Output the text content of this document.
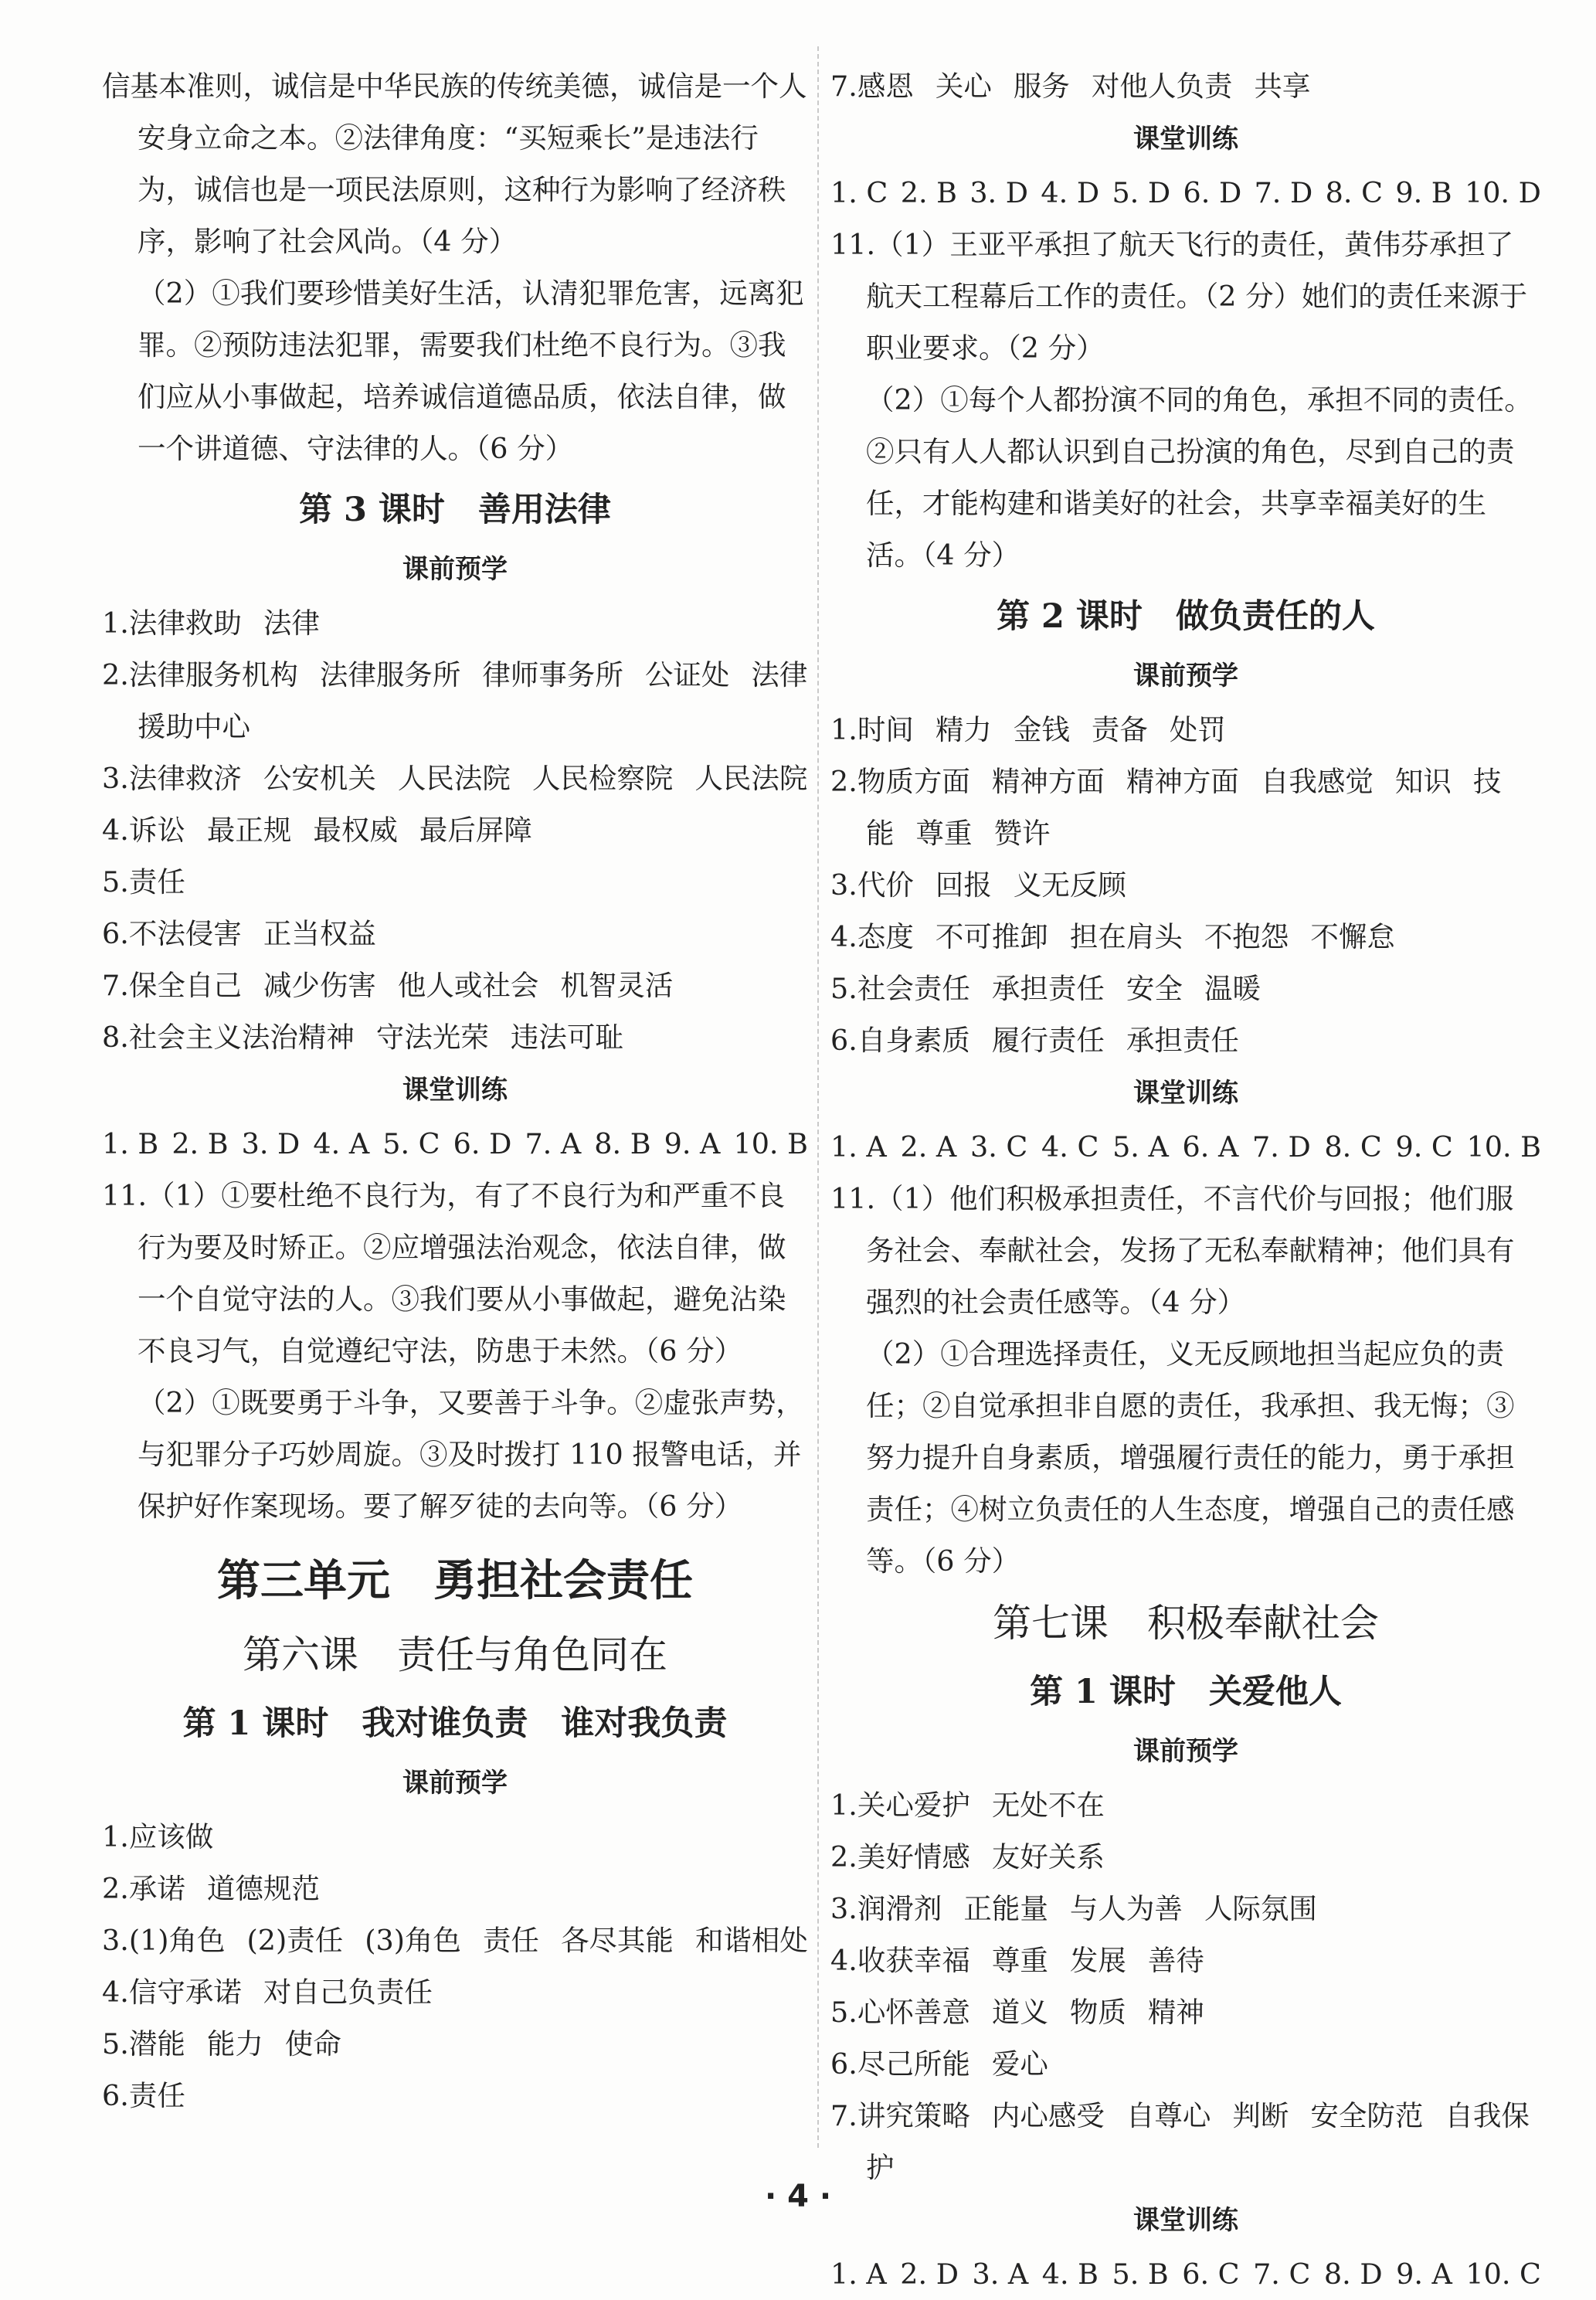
信基本准则，诚信是中华民族的传统美德，诚信是一个人安身立命之本。②法律角度：“买短乘长”是违法行为，诚信也是一项民法原则，这种行为影响了经济秩序，影响了社会风尚。（4 分）

（2）①我们要珍惜美好生活，认清犯罪危害，远离犯罪。②预防违法犯罪，需要我们杜绝不良行为。③我们应从小事做起，培养诚信道德品质，依法自律，做一个讲道德、守法律的人。（6 分）

第 3 课时　善用法律
课前预学

1.法律救助 法律

2.法律服务机构 法律服务所 律师事务所 公证处 法律援助中心

3.法律救济 公安机关 人民法院 人民检察院 人民法院

4.诉讼 最正规 最权威 最后屏障

5.责任

6.不法侵害 正当权益

7.保全自己 减少伤害 他人或社会 机智灵活

8.社会主义法治精神 守法光荣 违法可耻

课堂训练
1. B 2. B 3. D 4. A 5. C 6. D 7. A 8. B 9. A 10. B

11.（1）①要杜绝不良行为，有了不良行为和严重不良行为要及时矫正。②应增强法治观念，依法自律，做一个自觉守法的人。③我们要从小事做起，避免沾染不良习气，自觉遵纪守法，防患于未然。（6 分）

（2）①既要勇于斗争，又要善于斗争。②虚张声势，与犯罪分子巧妙周旋。③及时拨打 110 报警电话，并保护好作案现场。要了解歹徒的去向等。（6 分）

第三单元　勇担社会责任
第六课　责任与角色同在
第 1 课时　我对谁负责　谁对我负责
课前预学

1.应该做

2.承诺 道德规范

3.(1)角色 (2)责任 (3)角色 责任 各尽其能 和谐相处

4.信守承诺 对自己负责任

5.潜能 能力 使命

6.责任

7.感恩 关心 服务 对他人负责 共享

课堂训练
1. C 2. B 3. D 4. D 5. D 6. D 7. D 8. C 9. B 10. D

11.（1）王亚平承担了航天飞行的责任，黄伟芬承担了航天工程幕后工作的责任。（2 分）她们的责任来源于职业要求。（2 分）

（2）①每个人都扮演不同的角色，承担不同的责任。②只有人人都认识到自己扮演的角色，尽到自己的责任，才能构建和谐美好的社会，共享幸福美好的生活。（4 分）

第 2 课时　做负责任的人
课前预学

1.时间 精力 金钱 责备 处罚

2.物质方面 精神方面 精神方面 自我感觉 知识 技能 尊重 赞许

3.代价 回报 义无反顾

4.态度 不可推卸 担在肩头 不抱怨 不懈怠

5.社会责任 承担责任 安全 温暖

6.自身素质 履行责任 承担责任

课堂训练
1. A 2. A 3. C 4. C 5. A 6. A 7. D 8. C 9. C 10. B

11.（1）他们积极承担责任，不言代价与回报；他们服务社会、奉献社会，发扬了无私奉献精神；他们具有强烈的社会责任感等。（4 分）

（2）①合理选择责任，义无反顾地担当起应负的责任；②自觉承担非自愿的责任，我承担、我无悔；③努力提升自身素质，增强履行责任的能力，勇于承担责任；④树立负责任的人生态度，增强自己的责任感等。（6 分）

第七课　积极奉献社会
第 1 课时　关爱他人
课前预学

1.关心爱护 无处不在

2.美好情感 友好关系

3.润滑剂 正能量 与人为善 人际氛围

4.收获幸福 尊重 发展 善待

5.心怀善意 道义 物质 精神

6.尽己所能 爱心

7.讲究策略 内心感受 自尊心 判断 安全防范 自我保护

课堂训练
1. A 2. D 3. A 4. B 5. B 6. C 7. C 8. D 9. A 10. C
· 4 ·
